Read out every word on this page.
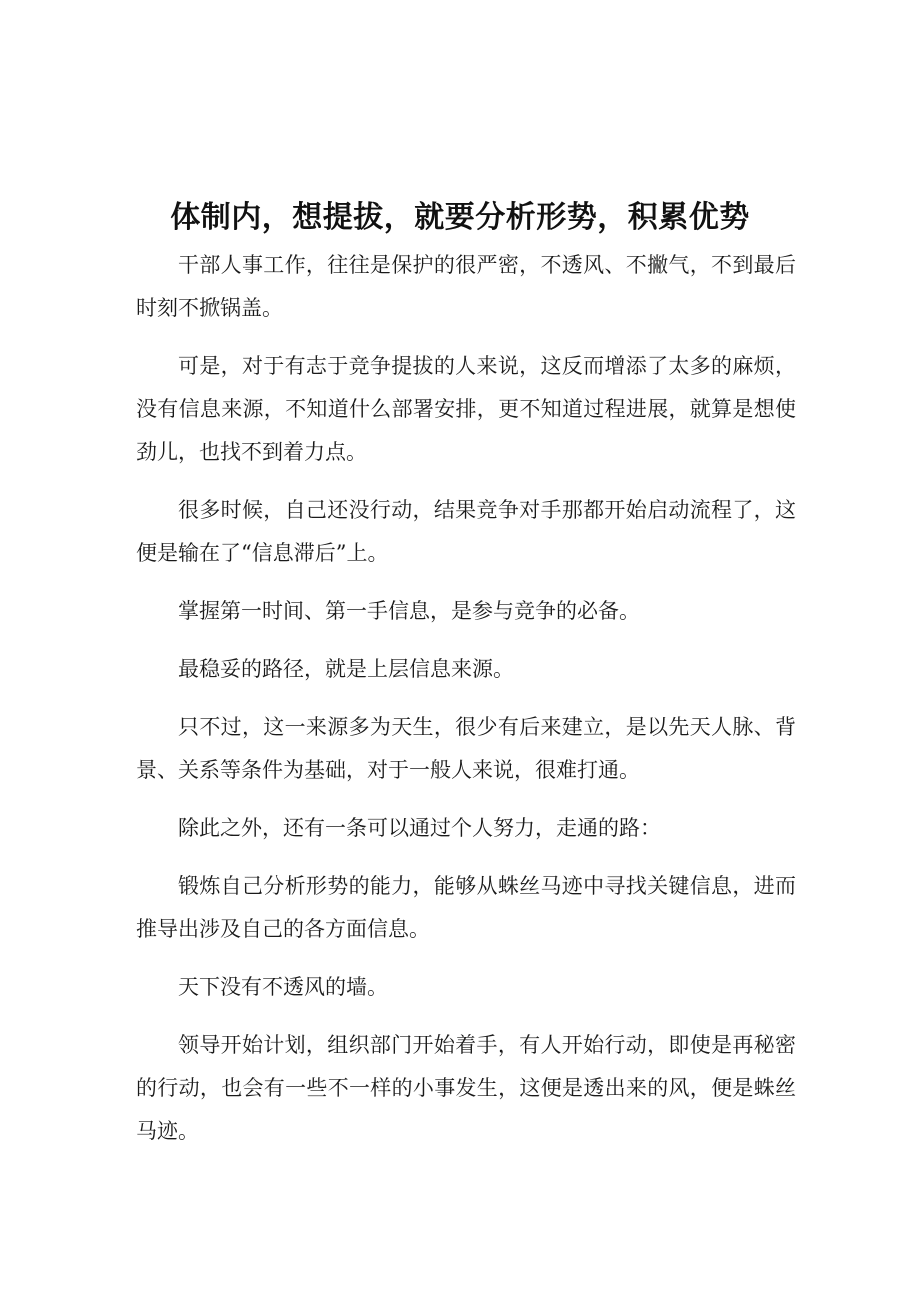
体制内，想提拔，就要分析形势，积累优势

干部人事工作，往往是保护的很严密，不透风、不撇气，不到最后时刻不掀锅盖。

可是，对于有志于竞争提拔的人来说，这反而增添了太多的麻烦，没有信息来源，不知道什么部署安排，更不知道过程进展，就算是想使劲儿，也找不到着力点。

很多时候，自己还没行动，结果竞争对手那都开始启动流程了，这便是输在了“信息滞后”上。

掌握第一时间、第一手信息，是参与竞争的必备。

最稳妥的路径，就是上层信息来源。

只不过，这一来源多为天生，很少有后来建立，是以先天人脉、背景、关系等条件为基础，对于一般人来说，很难打通。

除此之外，还有一条可以通过个人努力，走通的路：

锻炼自己分析形势的能力，能够从蛛丝马迹中寻找关键信息，进而推导出涉及自己的各方面信息。

天下没有不透风的墙。

领导开始计划，组织部门开始着手，有人开始行动，即使是再秘密的行动，也会有一些不一样的小事发生，这便是透出来的风，便是蛛丝马迹。
